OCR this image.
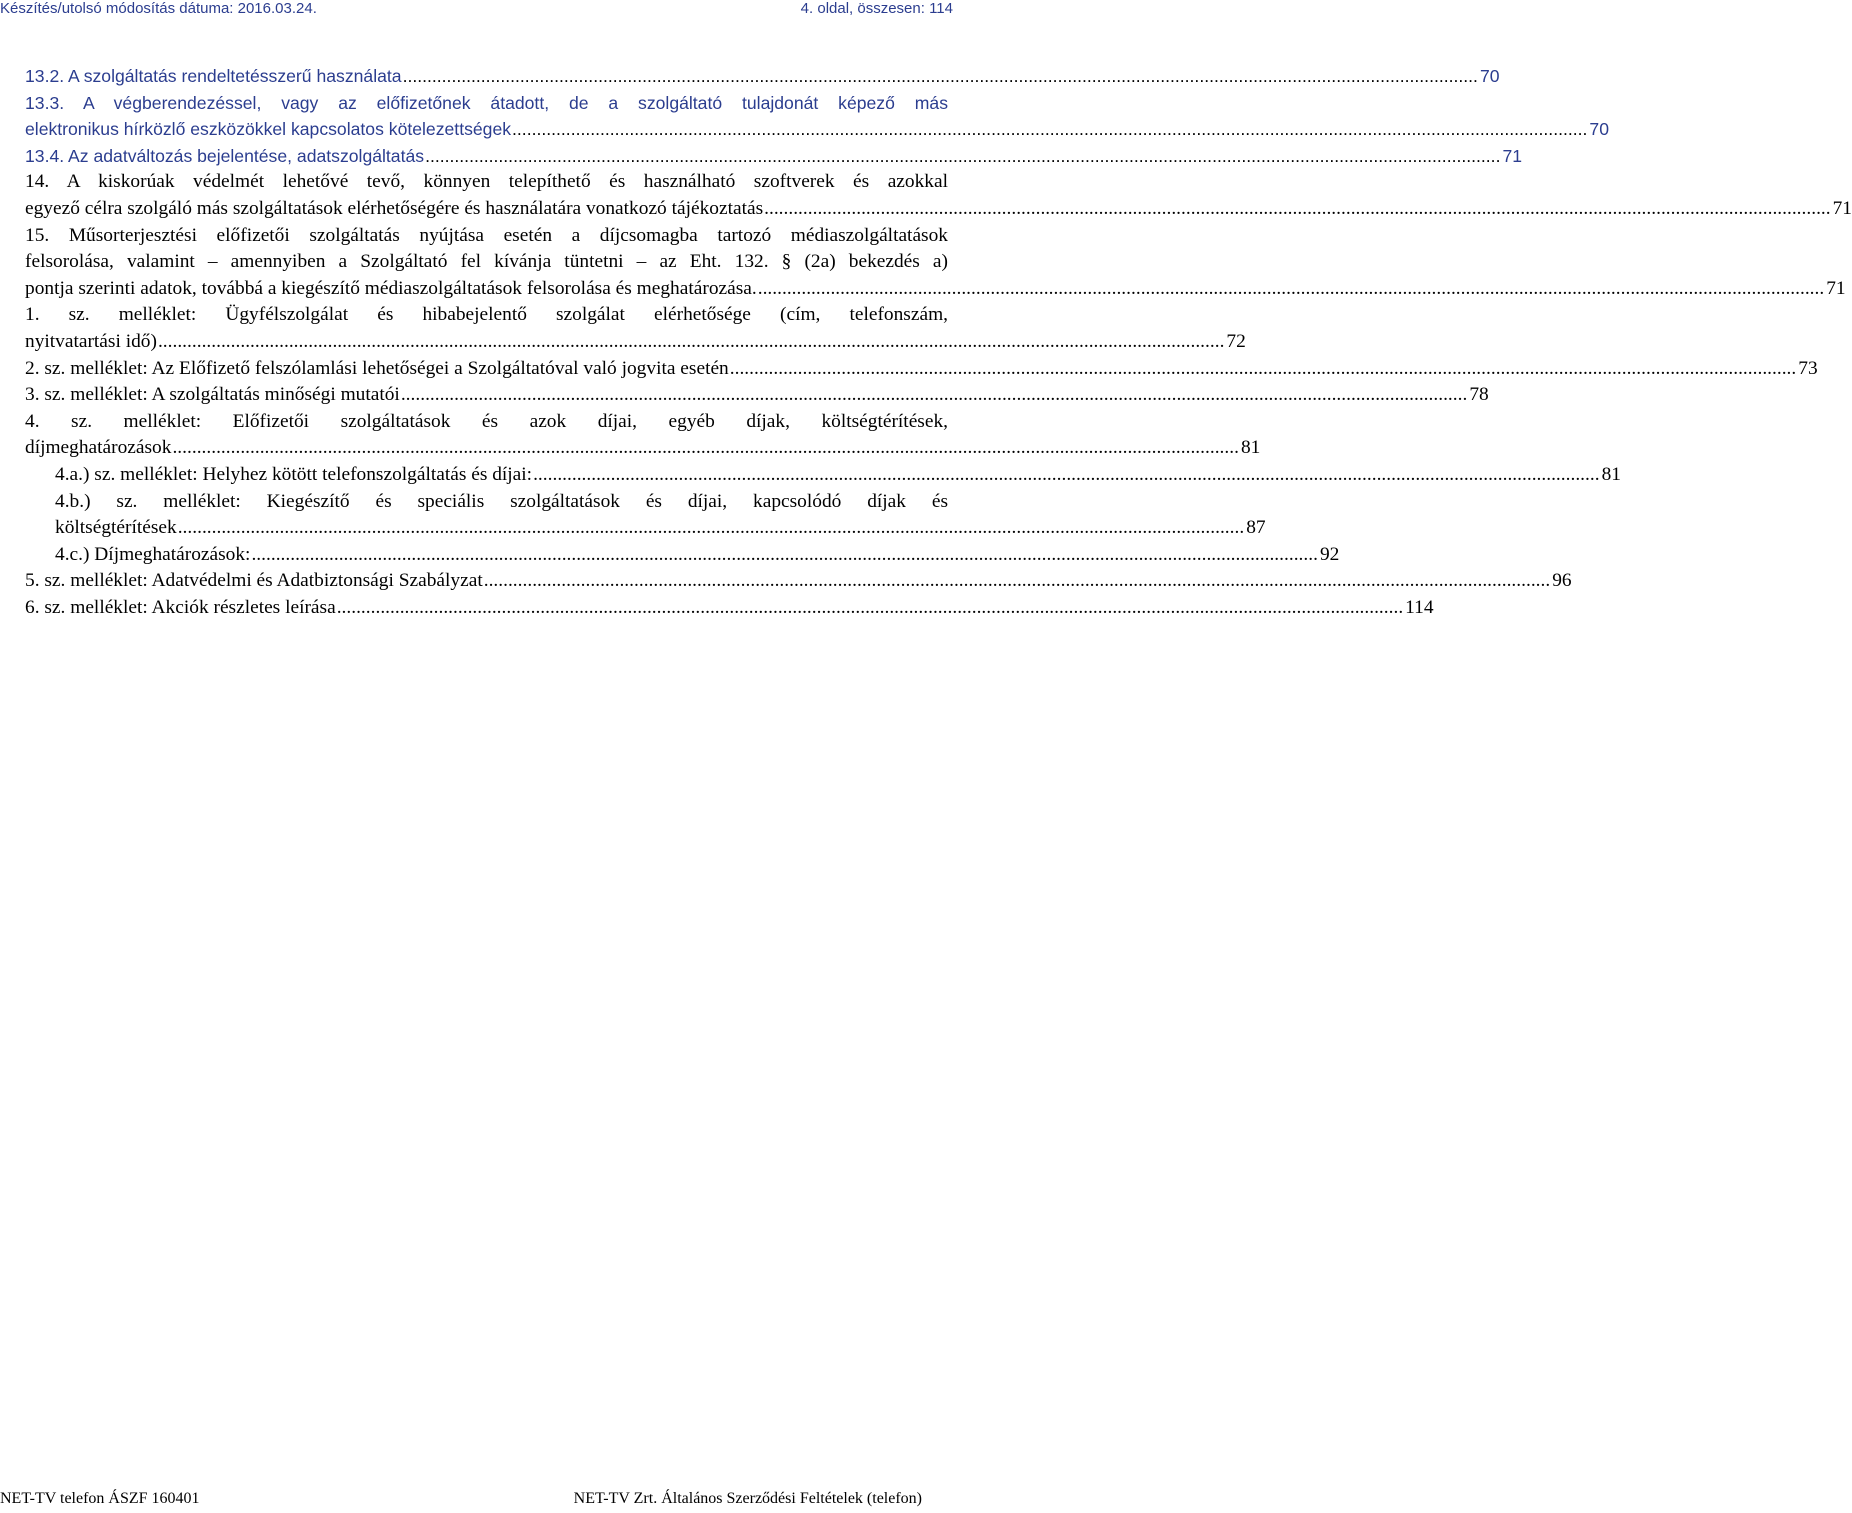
Készítés/utolsó módosítás dátuma: 2016.03.24.	4. oldal, összesen: 114
13.2. A szolgáltatás rendeltetésszerű használata ............................................................................................................................................................................................................................ 70
13.3. A végberendezéssel, vagy az előfizetőnek átadott, de a szolgáltató tulajdonát képező más
elektronikus hírközlő eszközökkel kapcsolatos kötelezettségek ............................................................................................................................................................................................................................ 70
13.4. Az adatváltozás bejelentése, adatszolgáltatás ............................................................................................................................................................................................................................ 71
14. A kiskorúak védelmét lehetővé tevő, könnyen telepíthető és használható szoftverek és azokkal
egyező célra szolgáló más szolgáltatások elérhetőségére és használatára vonatkozó tájékoztatás ............................................................................................................................................................................................................................ 71
15. Műsorterjesztési előfizetői szolgáltatás nyújtása esetén a díjcsomagba tartozó médiaszolgáltatások
felsorolása, valamint – amennyiben a Szolgáltató fel kívánja tüntetni – az Eht. 132. § (2a) bekezdés a)
pontja szerinti adatok, továbbá a kiegészítő médiaszolgáltatások felsorolása és meghatározása. ............................................................................................................................................................................................................................ 71
1. sz. melléklet: Ügyfélszolgálat és hibabejelentő szolgálat elérhetősége (cím, telefonszám,
nyitvatartási idő) ............................................................................................................................................................................................................................ 72
2. sz. melléklet: Az Előfizető felszólamlási lehetőségei a Szolgáltatóval való jogvita esetén ............................................................................................................................................................................................................................ 73
3. sz. melléklet: A szolgáltatás minőségi mutatói ............................................................................................................................................................................................................................ 78
4. sz. melléklet: Előfizetői szolgáltatások és azok díjai, egyéb díjak, költségtérítések,
díjmeghatározások ............................................................................................................................................................................................................................ 81
4.a.) sz. melléklet: Helyhez kötött telefonszolgáltatás és díjai: ............................................................................................................................................................................................................................ 81
4.b.) sz. melléklet: Kiegészítő és speciális szolgáltatások és díjai, kapcsolódó díjak és
költségtérítések ............................................................................................................................................................................................................................ 87
4.c.) Díjmeghatározások: ............................................................................................................................................................................................................................ 92
5. sz. melléklet: Adatvédelmi és Adatbiztonsági Szabályzat ............................................................................................................................................................................................................................ 96
6. sz. melléklet: Akciók részletes leírása ............................................................................................................................................................................................................................ 114
NET-TV telefon ÁSZF 160401	NET-TV Zrt. Általános Szerződési Feltételek (telefon)
